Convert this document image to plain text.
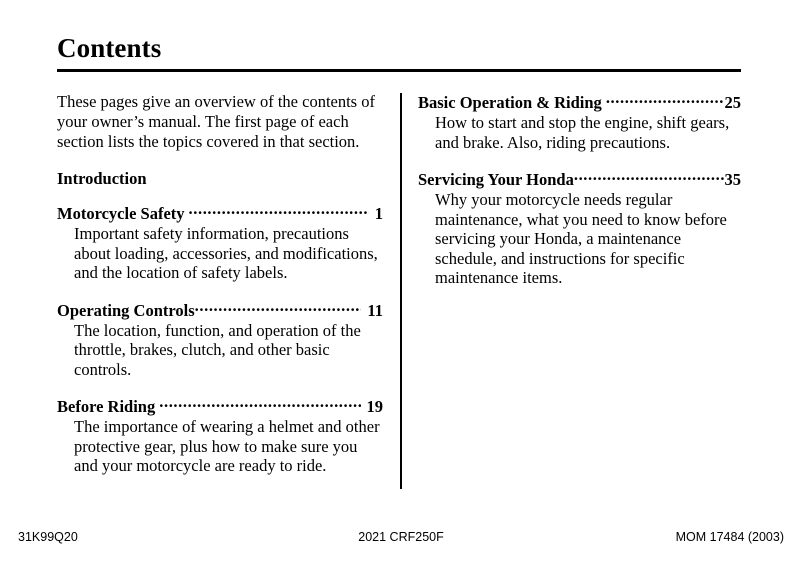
Contents

These pages give an overview of the contents of your owner’s manual. The first page of each section lists the topics covered in that section.

Introduction
Motorcycle Safety .....	1

Important safety information, precautions about loading, accessories, and modifications, and the location of safety labels.

Operating Controls .....	11

The location, function, and operation of the throttle, brakes, clutch, and other basic controls.

Before Riding .....	19

The importance of wearing a helmet and other protective gear, plus how to make sure you and your motorcycle are ready to ride.

Basic Operation & Riding .....	25

How to start and stop the engine, shift gears, and brake. Also, riding precautions.

Servicing Your Honda .....	35

Why your motorcycle needs regular maintenance, what you need to know before servicing your Honda, a maintenance schedule, and instructions for specific maintenance items.

31K99Q20	2021 CRF250F	MOM 17484 (2003)
